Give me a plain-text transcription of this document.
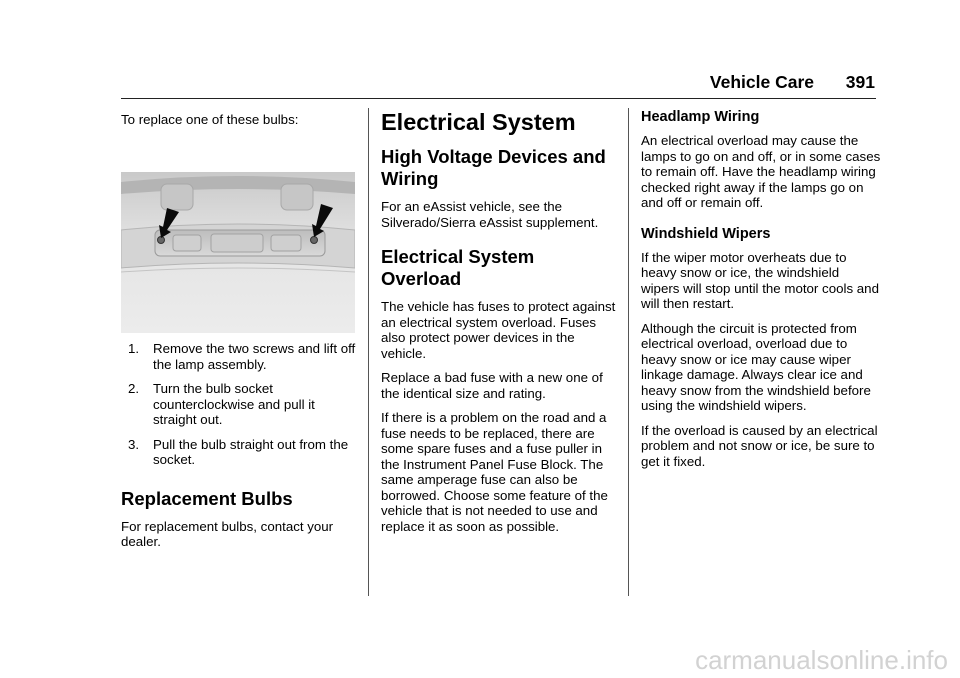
Vehicle Care 391

To replace one of these bulbs:

1. Remove the two screws and lift off the lamp assembly.
2. Turn the bulb socket counterclockwise and pull it straight out.
3. Pull the bulb straight out from the socket.
Replacement Bulbs

For replacement bulbs, contact your dealer.

Electrical System
High Voltage Devices and Wiring

For an eAssist vehicle, see the Silverado/Sierra eAssist supplement.

Electrical System Overload

The vehicle has fuses to protect against an electrical system overload. Fuses also protect power devices in the vehicle.

Replace a bad fuse with a new one of the identical size and rating.

If there is a problem on the road and a fuse needs to be replaced, there are some spare fuses and a fuse puller in the Instrument Panel Fuse Block. The same amperage fuse can also be borrowed. Choose some feature of the vehicle that is not needed to use and replace it as soon as possible.

Headlamp Wiring

An electrical overload may cause the lamps to go on and off, or in some cases to remain off. Have the headlamp wiring checked right away if the lamps go on and off or remain off.

Windshield Wipers

If the wiper motor overheats due to heavy snow or ice, the windshield wipers will stop until the motor cools and will then restart.

Although the circuit is protected from electrical overload, overload due to heavy snow or ice may cause wiper linkage damage. Always clear ice and heavy snow from the windshield before using the windshield wipers.

If the overload is caused by an electrical problem and not snow or ice, be sure to get it fixed.

carmanualsonline.info
